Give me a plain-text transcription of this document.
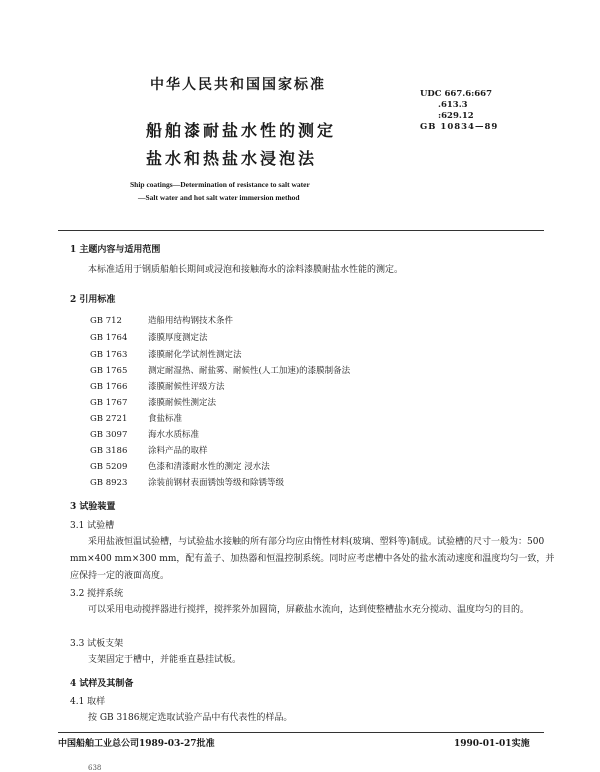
中华人民共和国国家标准
UDC 667.6:667
.613.3
:629.12
GB 10834—89
船舶漆耐盐水性的测定
盐水和热盐水浸泡法
Ship coatings—Determination of resistance to salt water
—Salt water and hot salt water immersion method
1 主题内容与适用范围
本标准适用于钢质船舶长期间或浸泡和接触海水的涂料漆膜耐盐水性能的测定。
2 引用标准
GB 712	造船用结构钢技术条件
GB 1764 漆膜厚度测定法
GB 1763 漆膜耐化学试剂性测定法
GB 1765 测定耐湿热、耐盐雾、耐候性(人工加速)的漆膜制备法
GB 1766 漆膜耐候性评级方法
GB 1767 漆膜耐候性测定法
GB 2721 食盐标准
GB 3097 海水水质标准
GB 3186 涂料产品的取样
GB 5209 色漆和清漆耐水性的测定 浸水法
GB 8923 涂装前钢材表面锈蚀等级和除锈等级
3 试验装置
3.1 试验槽
采用盐液恒温试验槽，与试验盐水接触的所有部分均应由惰性材料(玻璃、塑料等)制成。试验槽的尺寸一般为：500 mm×400 mm×300 mm，配有盖子、加热器和恒温控制系统。同时应考虑槽中各处的盐水流动速度和温度均匀一致，并应保持一定的液面高度。
3.2 搅拌系统
可以采用电动搅拌器进行搅拌，搅拌浆外加圆筒，屏蔽盐水流向，达到使整槽盐水充分搅动、温度均匀的目的。
3.3 试板支架
支架固定于槽中，并能垂直悬挂试板。
4 试样及其制备
4.1 取样
按 GB 3186规定选取试验产品中有代表性的样品。
中国船舶工业总公司1989-03-27批准	1990-01-01实施
638
